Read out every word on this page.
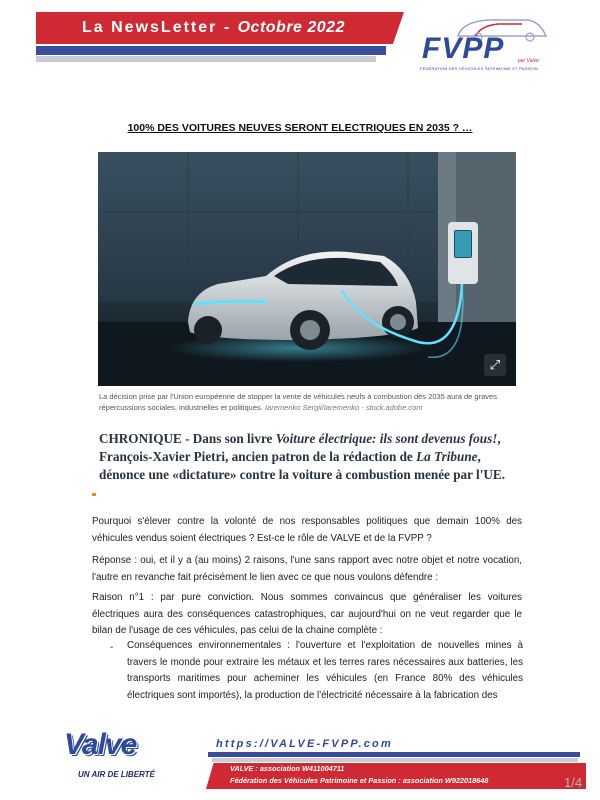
La NewsLetter - Octobre 2022
FVPP	par Valve
FÉDÉRATION DES VÉHICULES PATRIMOINE ET PASSION
100% DES VOITURES NEUVES SERONT ELECTRIQUES EN 2035 ? …
⤢
La décision prise par l'Union européenne de stopper la vente de véhicules neufs à combustion dès 2035 aura de graves répercussions sociales, industrielles et politiques. Iaremenko Sergii/Iaremenko - stock.adobe.com
CHRONIQUE - Dans son livre Voiture électrique: ils sont devenus fous!, François-Xavier Pietri, ancien patron de la rédaction de La Tribune, dénonce une «dictature» contre la voiture à combustion menée par l'UE.
Pourquoi s'élever contre la volonté de nos responsables politiques que demain 100% des véhicules vendus soient électriques ? Est-ce le rôle de VALVE et de la FVPP ?
Réponse : oui, et il y a (au moins) 2 raisons, l'une sans rapport avec notre objet et notre vocation, l'autre en revanche fait précisément le lien avec ce que nous voulons défendre :
Raison n°1 : par pure conviction. Nous sommes convaincus que généraliser les voitures électriques aura des conséquences catastrophiques, car aujourd'hui on ne veut regarder que le bilan de l'usage de ces véhicules, pas celui de la chaine complète :
- Conséquences environnementales : l'ouverture et l'exploitation de nouvelles mines à travers le monde pour extraire les métaux et les terres rares nécessaires aux batteries, les transports maritimes pour acheminer les véhicules (en France 80% des véhicules électriques sont importés), la production de l'électricité nécessaire à la fabrication des
Valve
UN AIR DE LIBERTÉ
https://VALVE-FVPP.com
VALVE : association W411004711
Fédération des Véhicules Patrimoine et Passion : association W922018648	1/4
